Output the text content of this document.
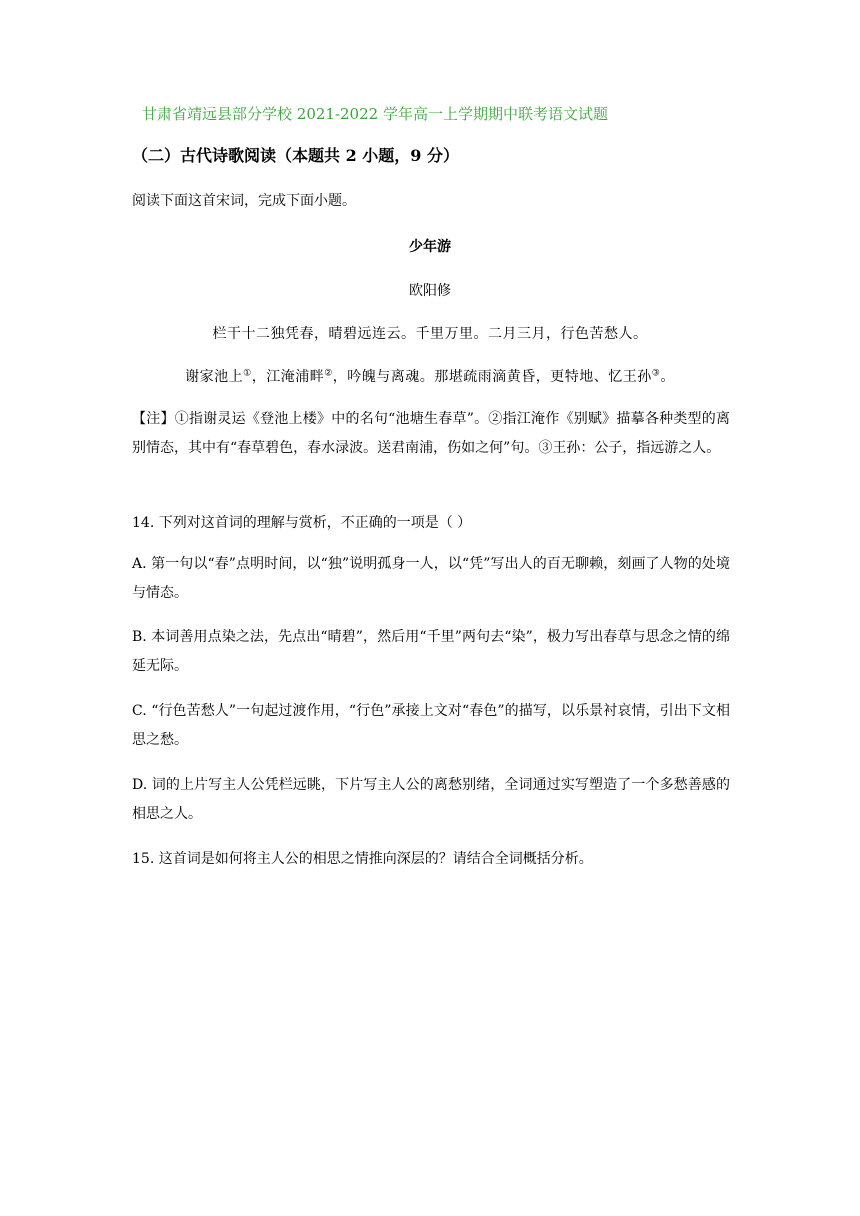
甘肃省靖远县部分学校 2021-2022 学年高一上学期期中联考语文试题
（二）古代诗歌阅读（本题共 2 小题，9 分）
阅读下面这首宋词，完成下面小题。
少年游
欧阳修
栏干十二独凭春，晴碧远连云。千里万里。二月三月，行色苦愁人。
谢家池上①，江淹浦畔②，吟魄与离魂。那堪疏雨滴黄昏，更特地、忆王孙③。
【注】①指谢灵运《登池上楼》中的名句“池塘生春草”。②指江淹作《别赋》描摹各种类型的离别情态，其中有“春草碧色，春水渌波。送君南浦，伤如之何”句。③王孙：公子，指远游之人。
14. 下列对这首词的理解与赏析，不正确的一项是（ ）
A. 第一句以“春”点明时间，以“独”说明孤身一人，以“凭”写出人的百无聊赖，刻画了人物的处境与情态。
B. 本词善用点染之法，先点出“晴碧”，然后用“千里”两句去“染”，极力写出春草与思念之情的绵延无际。
C. “行色苦愁人”一句起过渡作用，“行色”承接上文对“春色”的描写，以乐景衬哀情，引出下文相思之愁。
D. 词的上片写主人公凭栏远眺，下片写主人公的离愁别绪，全词通过实写塑造了一个多愁善感的相思之人。
15. 这首词是如何将主人公的相思之情推向深层的？请结合全词概括分析。
